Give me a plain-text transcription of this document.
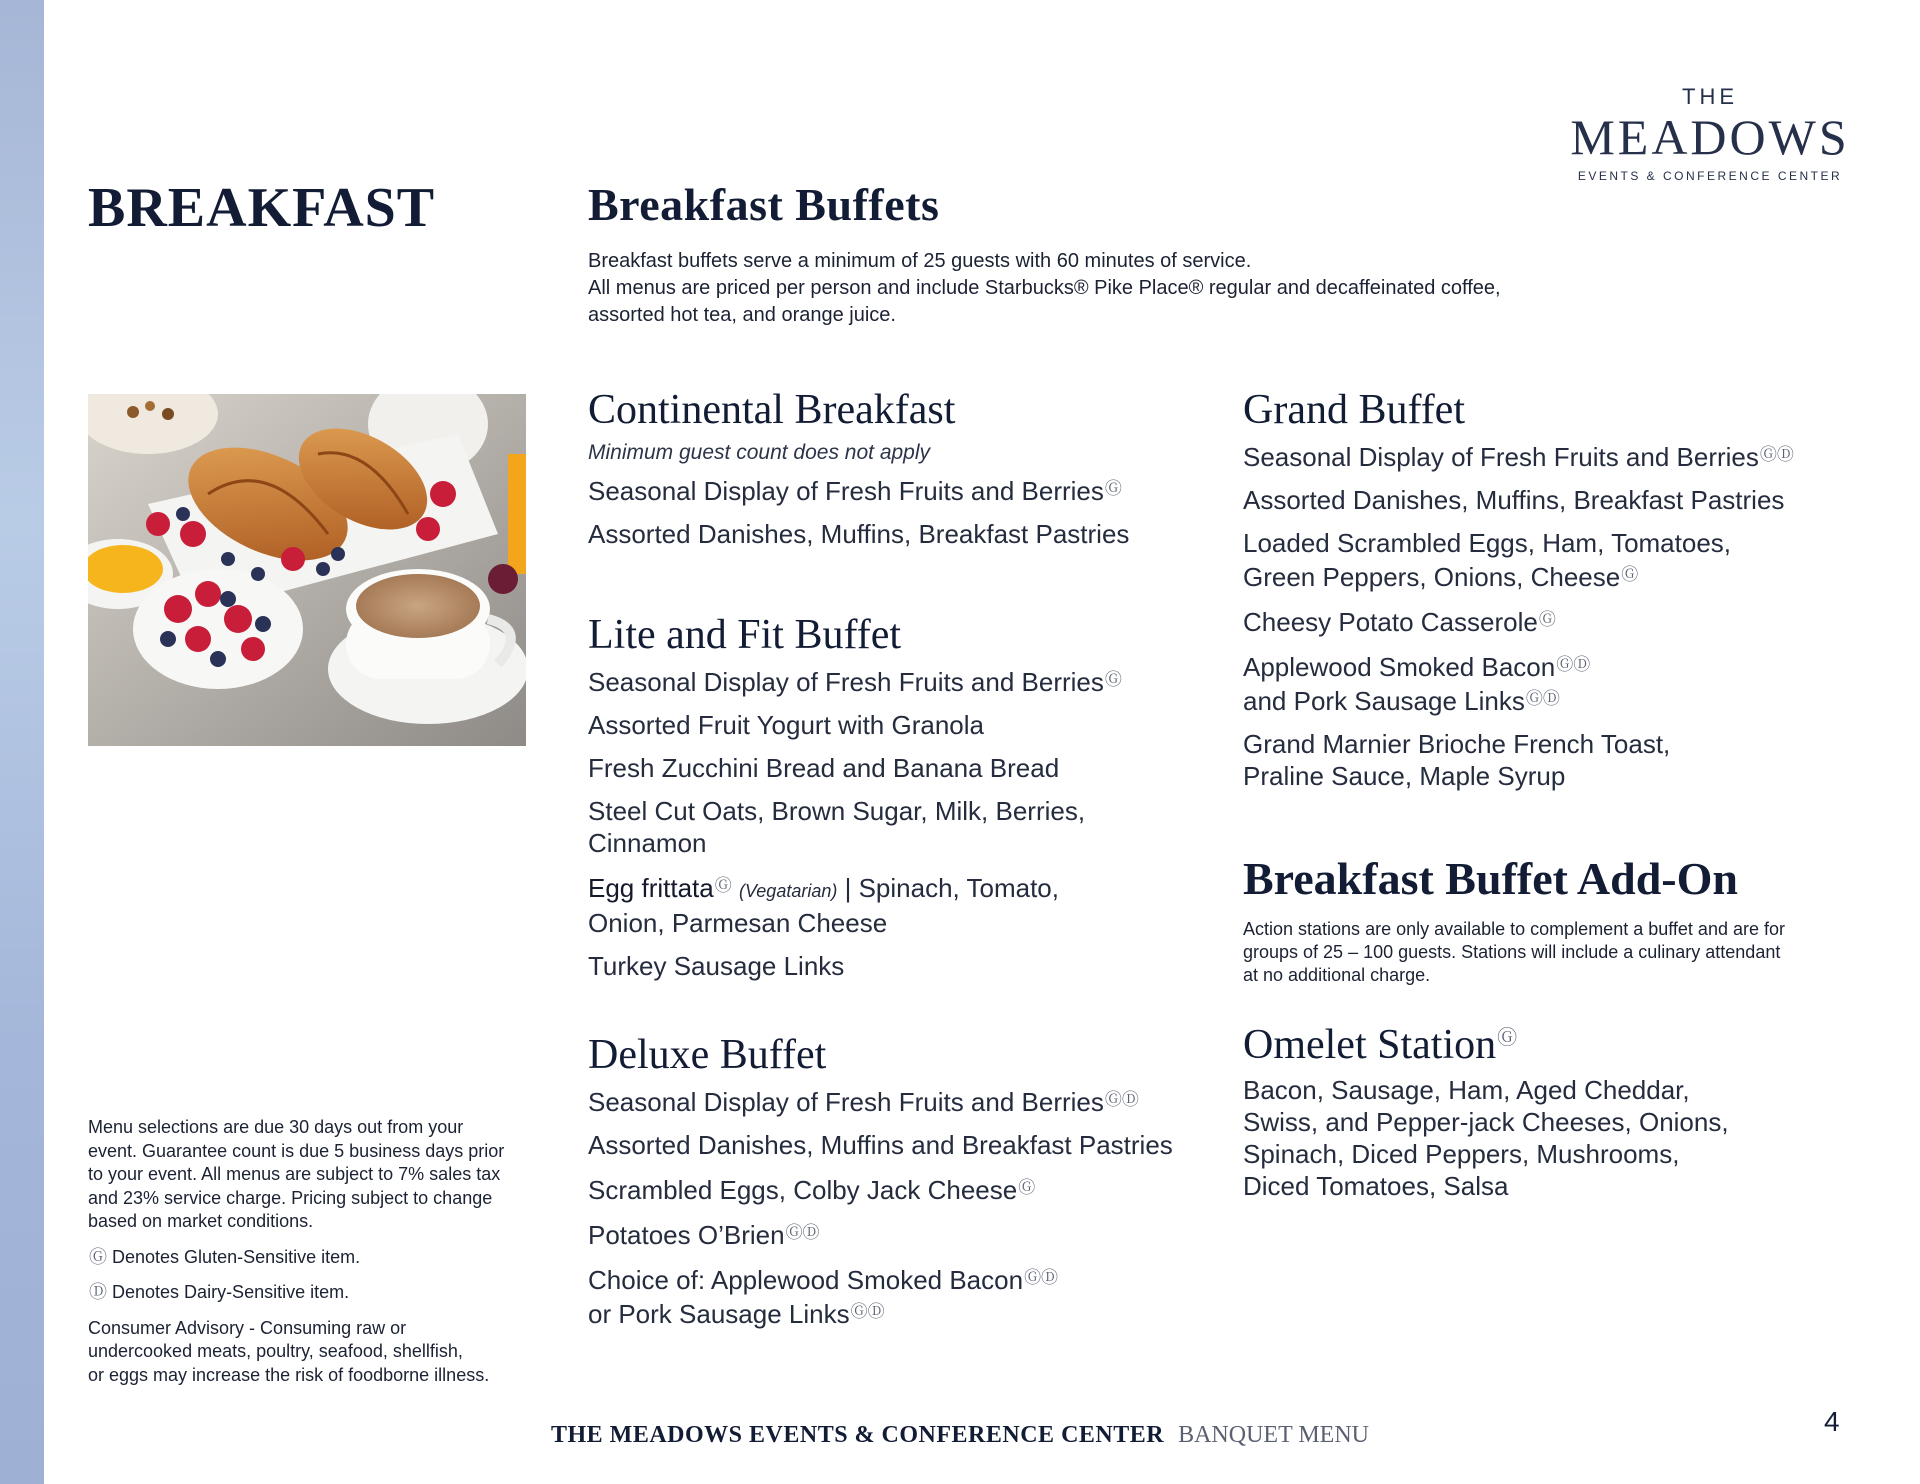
THE
MEADOWS
EVENTS & CONFERENCE CENTER
BREAKFAST	Breakfast Buffets

Breakfast buffets serve a minimum of 25 guests with 60 minutes of service.

All menus are priced per person and include Starbucks® Pike Place® regular and decaffeinated coffee,

assorted hot tea, and orange juice.

Continental Breakfast
Minimum guest count does not apply
Seasonal Display of Fresh Fruits and BerriesⒼ
Assorted Danishes, Muffins, Breakfast Pastries
Lite and Fit Buffet
Seasonal Display of Fresh Fruits and BerriesⒼ
Assorted Fruit Yogurt with Granola
Fresh Zucchini Bread and Banana Bread
Steel Cut Oats, Brown Sugar, Milk, Berries,
Cinnamon
Egg frittataⒼ (Vegatarian) | Spinach, Tomato,
Onion, Parmesan Cheese
Turkey Sausage Links
Deluxe Buffet
Seasonal Display of Fresh Fruits and BerriesⒼⒹ
Assorted Danishes, Muffins and Breakfast Pastries
Scrambled Eggs, Colby Jack CheeseⒼ
Potatoes O’BrienⒼⒹ
Choice of: Applewood Smoked BaconⒼⒹ
or Pork Sausage LinksⒼⒹ
Grand Buffet
Seasonal Display of Fresh Fruits and BerriesⒼⒹ
Assorted Danishes, Muffins, Breakfast Pastries
Loaded Scrambled Eggs, Ham, Tomatoes,
Green Peppers, Onions, CheeseⒼ
Cheesy Potato CasseroleⒼ
Applewood Smoked BaconⒼⒹ
and Pork Sausage LinksⒼⒹ
Grand Marnier Brioche French Toast,
Praline Sauce, Maple Syrup
Breakfast Buffet Add-On
Action stations are only available to complement a buffet and are for
groups of 25 – 100 guests. Stations will include a culinary attendant
at no additional charge.
Omelet StationⒼ
Bacon, Sausage, Ham, Aged Cheddar,
Swiss, and Pepper-jack Cheeses, Onions,
Spinach, Diced Peppers, Mushrooms,
Diced Tomatoes, Salsa

Menu selections are due 30 days out from your
event. Guarantee count is due 5 business days prior
to your event. All menus are subject to 7% sales tax
and 23% service charge. Pricing subject to change
based on market conditions.

Ⓖ Denotes Gluten-Sensitive item.

Ⓓ Denotes Dairy-Sensitive item.

Consumer Advisory - Consuming raw or
undercooked meats, poultry, seafood, shellfish,
or eggs may increase the risk of foodborne illness.

THE MEADOWS EVENTS & CONFERENCE CENTER BANQUET MENU	4
